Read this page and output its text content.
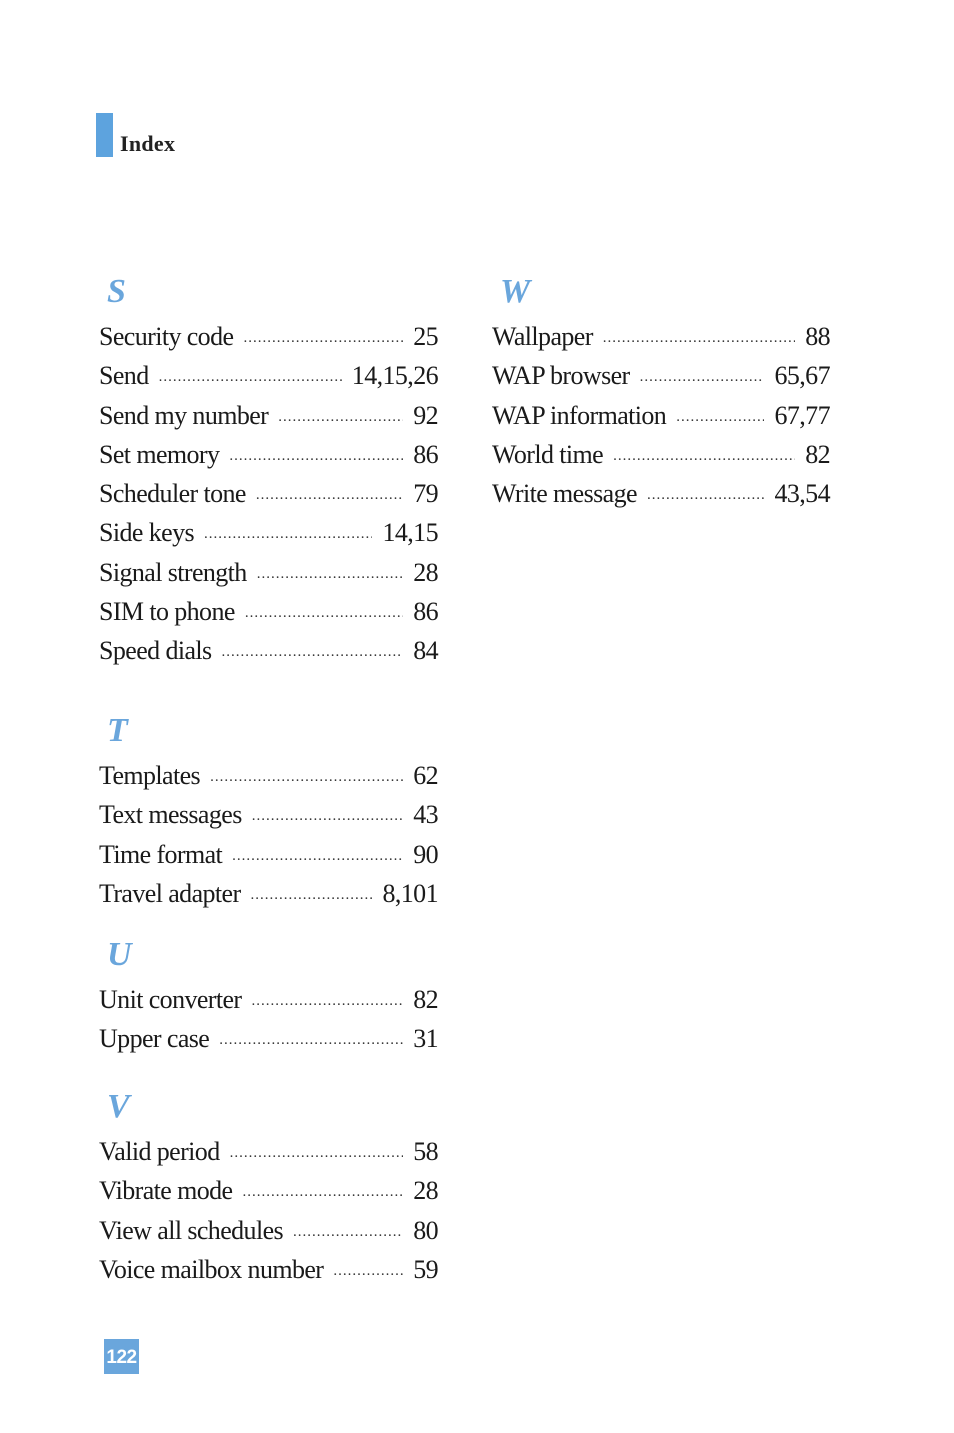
Index
S
Security code .....	25
Send .....	14,15,26
Send my number .....	92
Set memory .....	86
Scheduler tone .....	79
Side keys .....	14,15
Signal strength .....	28
SIM to phone .....	86
Speed dials .....	84
T
Templates .....	62
Text messages .....	43
Time format .....	90
Travel adapter .....	8,101
U
Unit converter .....	82
Upper case .....	31
V
Valid period .....	58
Vibrate mode .....	28
View all schedules .....	80
Voice mailbox number .....	59
W
Wallpaper .....	88
WAP browser .....	65,67
WAP information .....	67,77
World time .....	82
Write message .....	43,54
122
